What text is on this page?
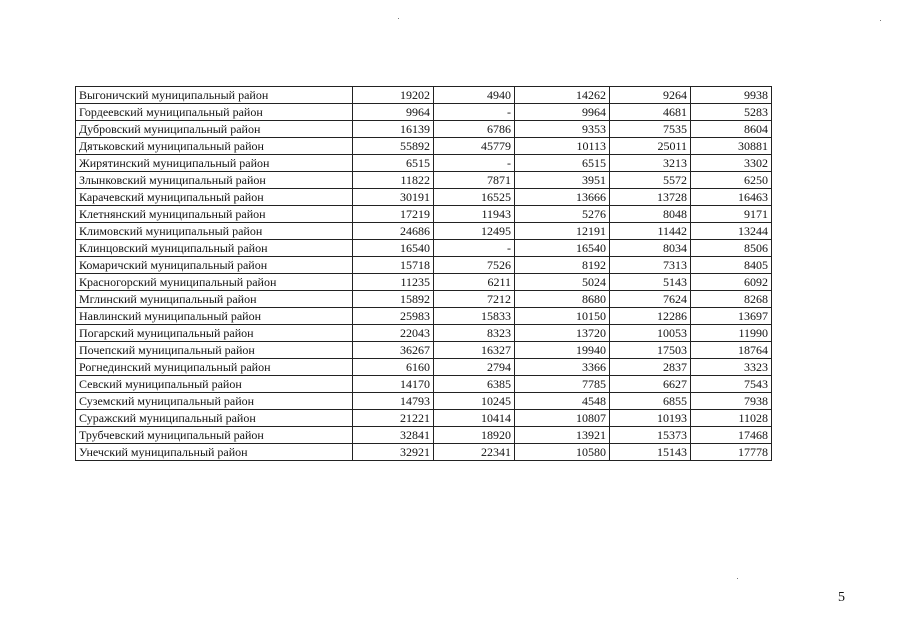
Выгоничский муниципальный район	19202	4940	14262	9264	9938
Гордеевский муниципальный район	9964	-	9964	4681	5283
Дубровский муниципальный район	16139	6786	9353	7535	8604
Дятьковский муниципальный район	55892	45779	10113	25011	30881
Жирятинский муниципальный район	6515	-	6515	3213	3302
Злынковский муниципальный район	11822	7871	3951	5572	6250
Карачевский муниципальный район	30191	16525	13666	13728	16463
Клетнянский муниципальный район	17219	11943	5276	8048	9171
Климовский муниципальный район	24686	12495	12191	11442	13244
Клинцовский муниципальный район	16540	-	16540	8034	8506
Комаричский муниципальный район	15718	7526	8192	7313	8405
Красногорский муниципальный район	11235	6211	5024	5143	6092
Мглинский муниципальный район	15892	7212	8680	7624	8268
Навлинский муниципальный район	25983	15833	10150	12286	13697
Погарский муниципальный район	22043	8323	13720	10053	11990
Почепский муниципальный район	36267	16327	19940	17503	18764
Рогнединский муниципальный район	6160	2794	3366	2837	3323
Севский муниципальный район	14170	6385	7785	6627	7543
Суземский муниципальный район	14793	10245	4548	6855	7938
Суражский муниципальный район	21221	10414	10807	10193	11028
Трубчевский муниципальный район	32841	18920	13921	15373	17468
Унечский муниципальный район	32921	22341	10580	15143	17778
5
